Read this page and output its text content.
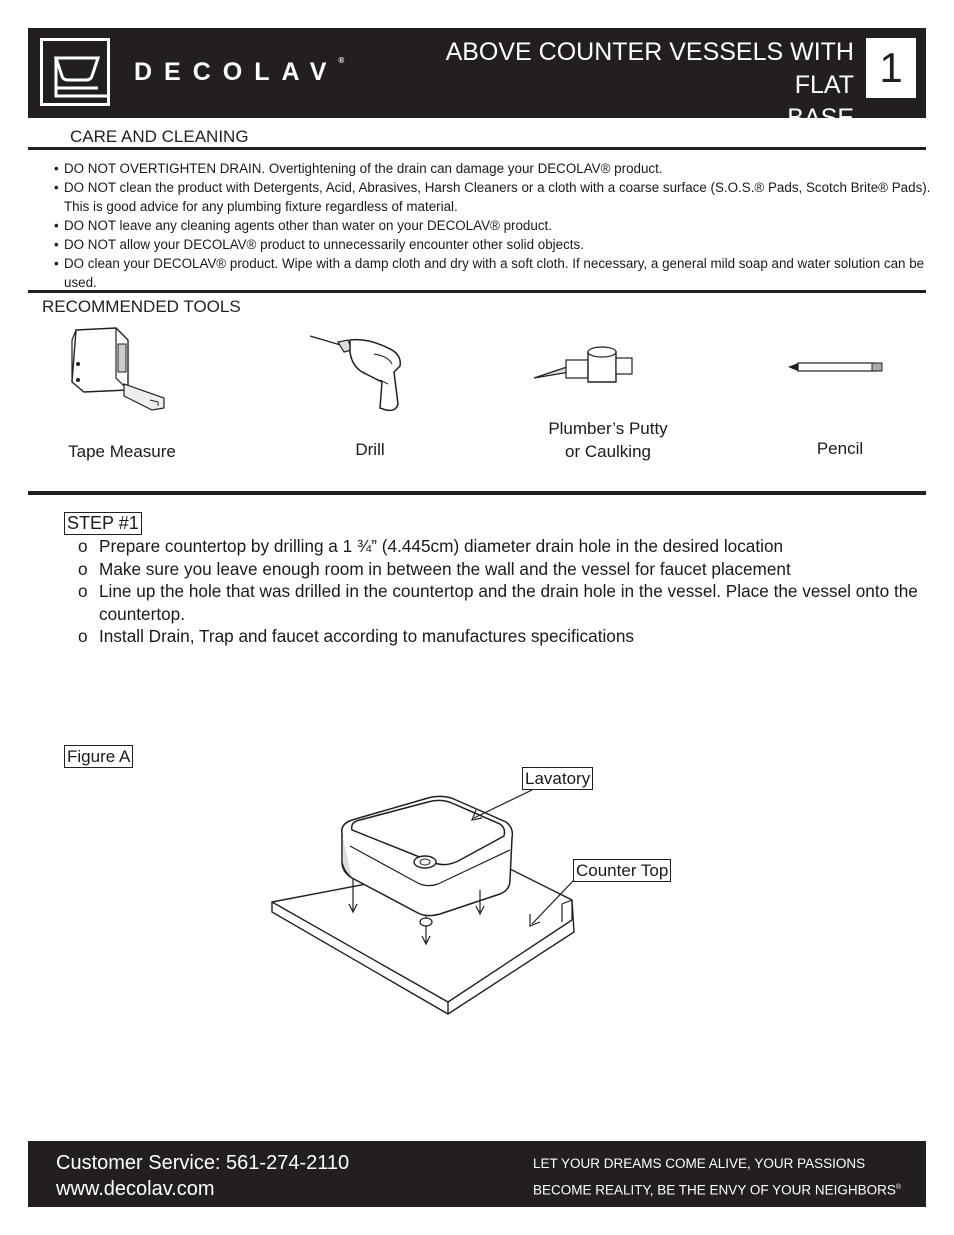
DECOLAV®	ABOVE COUNTER VESSELS WITH FLAT
BASE
1
CARE AND CLEANING
• DO NOT OVERTIGHTEN DRAIN. Overtightening of the drain can damage your DECOLAV® product.
• DO NOT clean the product with Detergents, Acid, Abrasives, Harsh Cleaners or a cloth with a coarse surface (S.O.S.® Pads, Scotch Brite® Pads). This is good advice for any plumbing fixture regardless of material.
• DO NOT leave any cleaning agents other than water on your DECOLAV® product.
• DO NOT allow your DECOLAV® product to unnecessarily encounter other solid objects.
• DO clean your DECOLAV® product. Wipe with a damp cloth and dry with a soft cloth. If necessary, a general mild soap and water solution can be used.
RECOMMENDED TOOLS
Tape Measure	Drill
Plumber’s Putty
or Caulking	Pencil
STEP #1
o Prepare countertop by drilling a 1 ¾” (4.445cm) diameter drain hole in the desired location
o Make sure you leave enough room in between the wall and the vessel for faucet placement
o Line up the hole that was drilled in the countertop and the drain hole in the vessel. Place the vessel onto the countertop.
o Install Drain, Trap and faucet according to manufactures specifications
Figure A
Lavatory
Counter Top
Customer Service: 561-274-2110
www.decolav.com
LET YOUR DREAMS COME ALIVE, YOUR PASSIONS
BECOME REALITY, BE THE ENVY OF YOUR NEIGHBORS®
